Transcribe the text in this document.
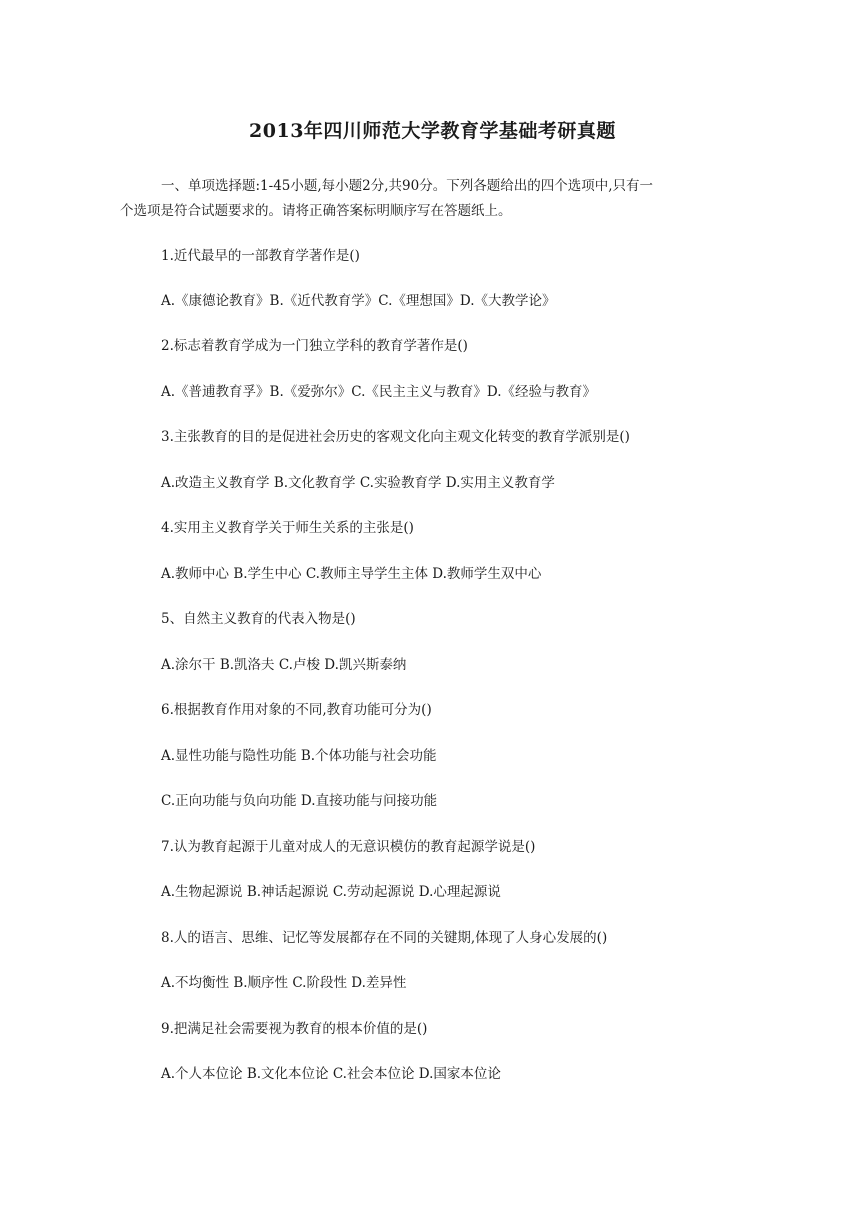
2013年四川师范大学教育学基础考研真题
一、单项选择题:1-45小题,每小题2分,共90分。下列各题给出的四个选项中,只有一
个选项是符合试题要求的。请将正确答案标明顺序写在答题纸上。
1.近代最早的一部教育学著作是()
A.《康德论教育》B.《近代教育学》C.《理想国》D.《大教学论》
2.标志着教育学成为一门独立学科的教育学著作是()
A.《普逋教育孚》B.《爱弥尔》C.《民主主义与教育》D.《经验与教育》
3.主张教育的目的是促进社会历史的客观文化向主观文化转变的教育学派别是()
A.改造主义教育学 B.文化教育学 C.实验教育学 D.实用主义教育学
4.实用主义教育学关于师生关系的主张是()
A.教师中心 B.学生中心 C.教师主导学生主体 D.教师学生双中心
5、自然主义教育的代表入物是()
A.涂尔干 B.凯洛夫 C.卢梭 D.凯兴斯泰纳
6.根据教育作用对象的不同,教育功能可分为()
A.显性功能与隐性功能 B.个体功能与社会功能
C.正向功能与负向功能 D.直接功能与问接功能
7.认为教育起源于儿童对成人的无意识模仿的教育起源学说是()
A.生物起源说 B.神话起源说 C.劳动起源说 D.心理起源说
8.人的语言、思维、记忆等发展都存在不同的关键期,体现了人身心发展的()
A.不均衡性 B.顺序性 C.阶段性 D.差异性
9.把满足社会需要视为教育的根本价值的是()
A.个人本位论 B.文化本位论 C.社会本位论 D.国家本位论
